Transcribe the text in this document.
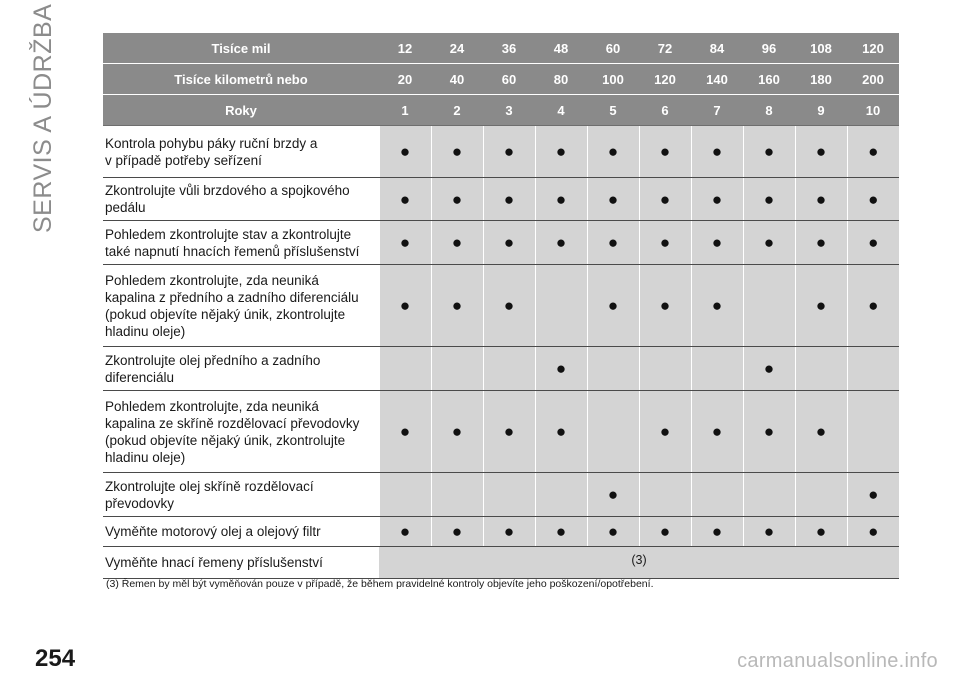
SERVIS A ÚDRŽBA	Tisíce mil	12	24	36	48	60	72	84	96	108	120
Tisíce kilometrů nebo	20	40	60	80	100	120	140	160	180	200
Roky	1	2	3	4	5	6	7	8	9	10

Kontrola pohybu páky ruční brzdy a
v případě potřeby seřízení	●	●	●	●	●	●	●	●	●	●

Zkontrolujte vůli brzdového a spojkového
pedálu	●	●	●	●	●	●	●	●	●	●

Pohledem zkontrolujte stav a zkontrolujte
také napnutí hnacích řemenů příslušenství	●	●	●	●	●	●	●	●	●	●

Pohledem zkontrolujte, zda neuniká
kapalina z předního a zadního diferenciálu
(pokud objevíte nějaký únik, zkontrolujte
hladinu oleje)	●	●	●		●	●	●		●	●

Zkontrolujte olej předního a zadního
diferenciálu				●				●		

Pohledem zkontrolujte, zda neuniká
kapalina ze skříně rozdělovací převodovky
(pokud objevíte nějaký únik, zkontrolujte
hladinu oleje)	●	●	●	●		●	●	●	●	

Zkontrolujte olej skříně rozdělovací
převodovky					●					●

Vyměňte motorový olej a olejový filtr	●	●	●	●	●	●	●	●	●	●

Vyměňte hnací řemeny příslušenství	(3)									
(3) Řemen by měl být vyměňován pouze v případě, že během pravidelné kontroly objevíte jeho poškození/opotřebení.
254	carmanualsonline.info
